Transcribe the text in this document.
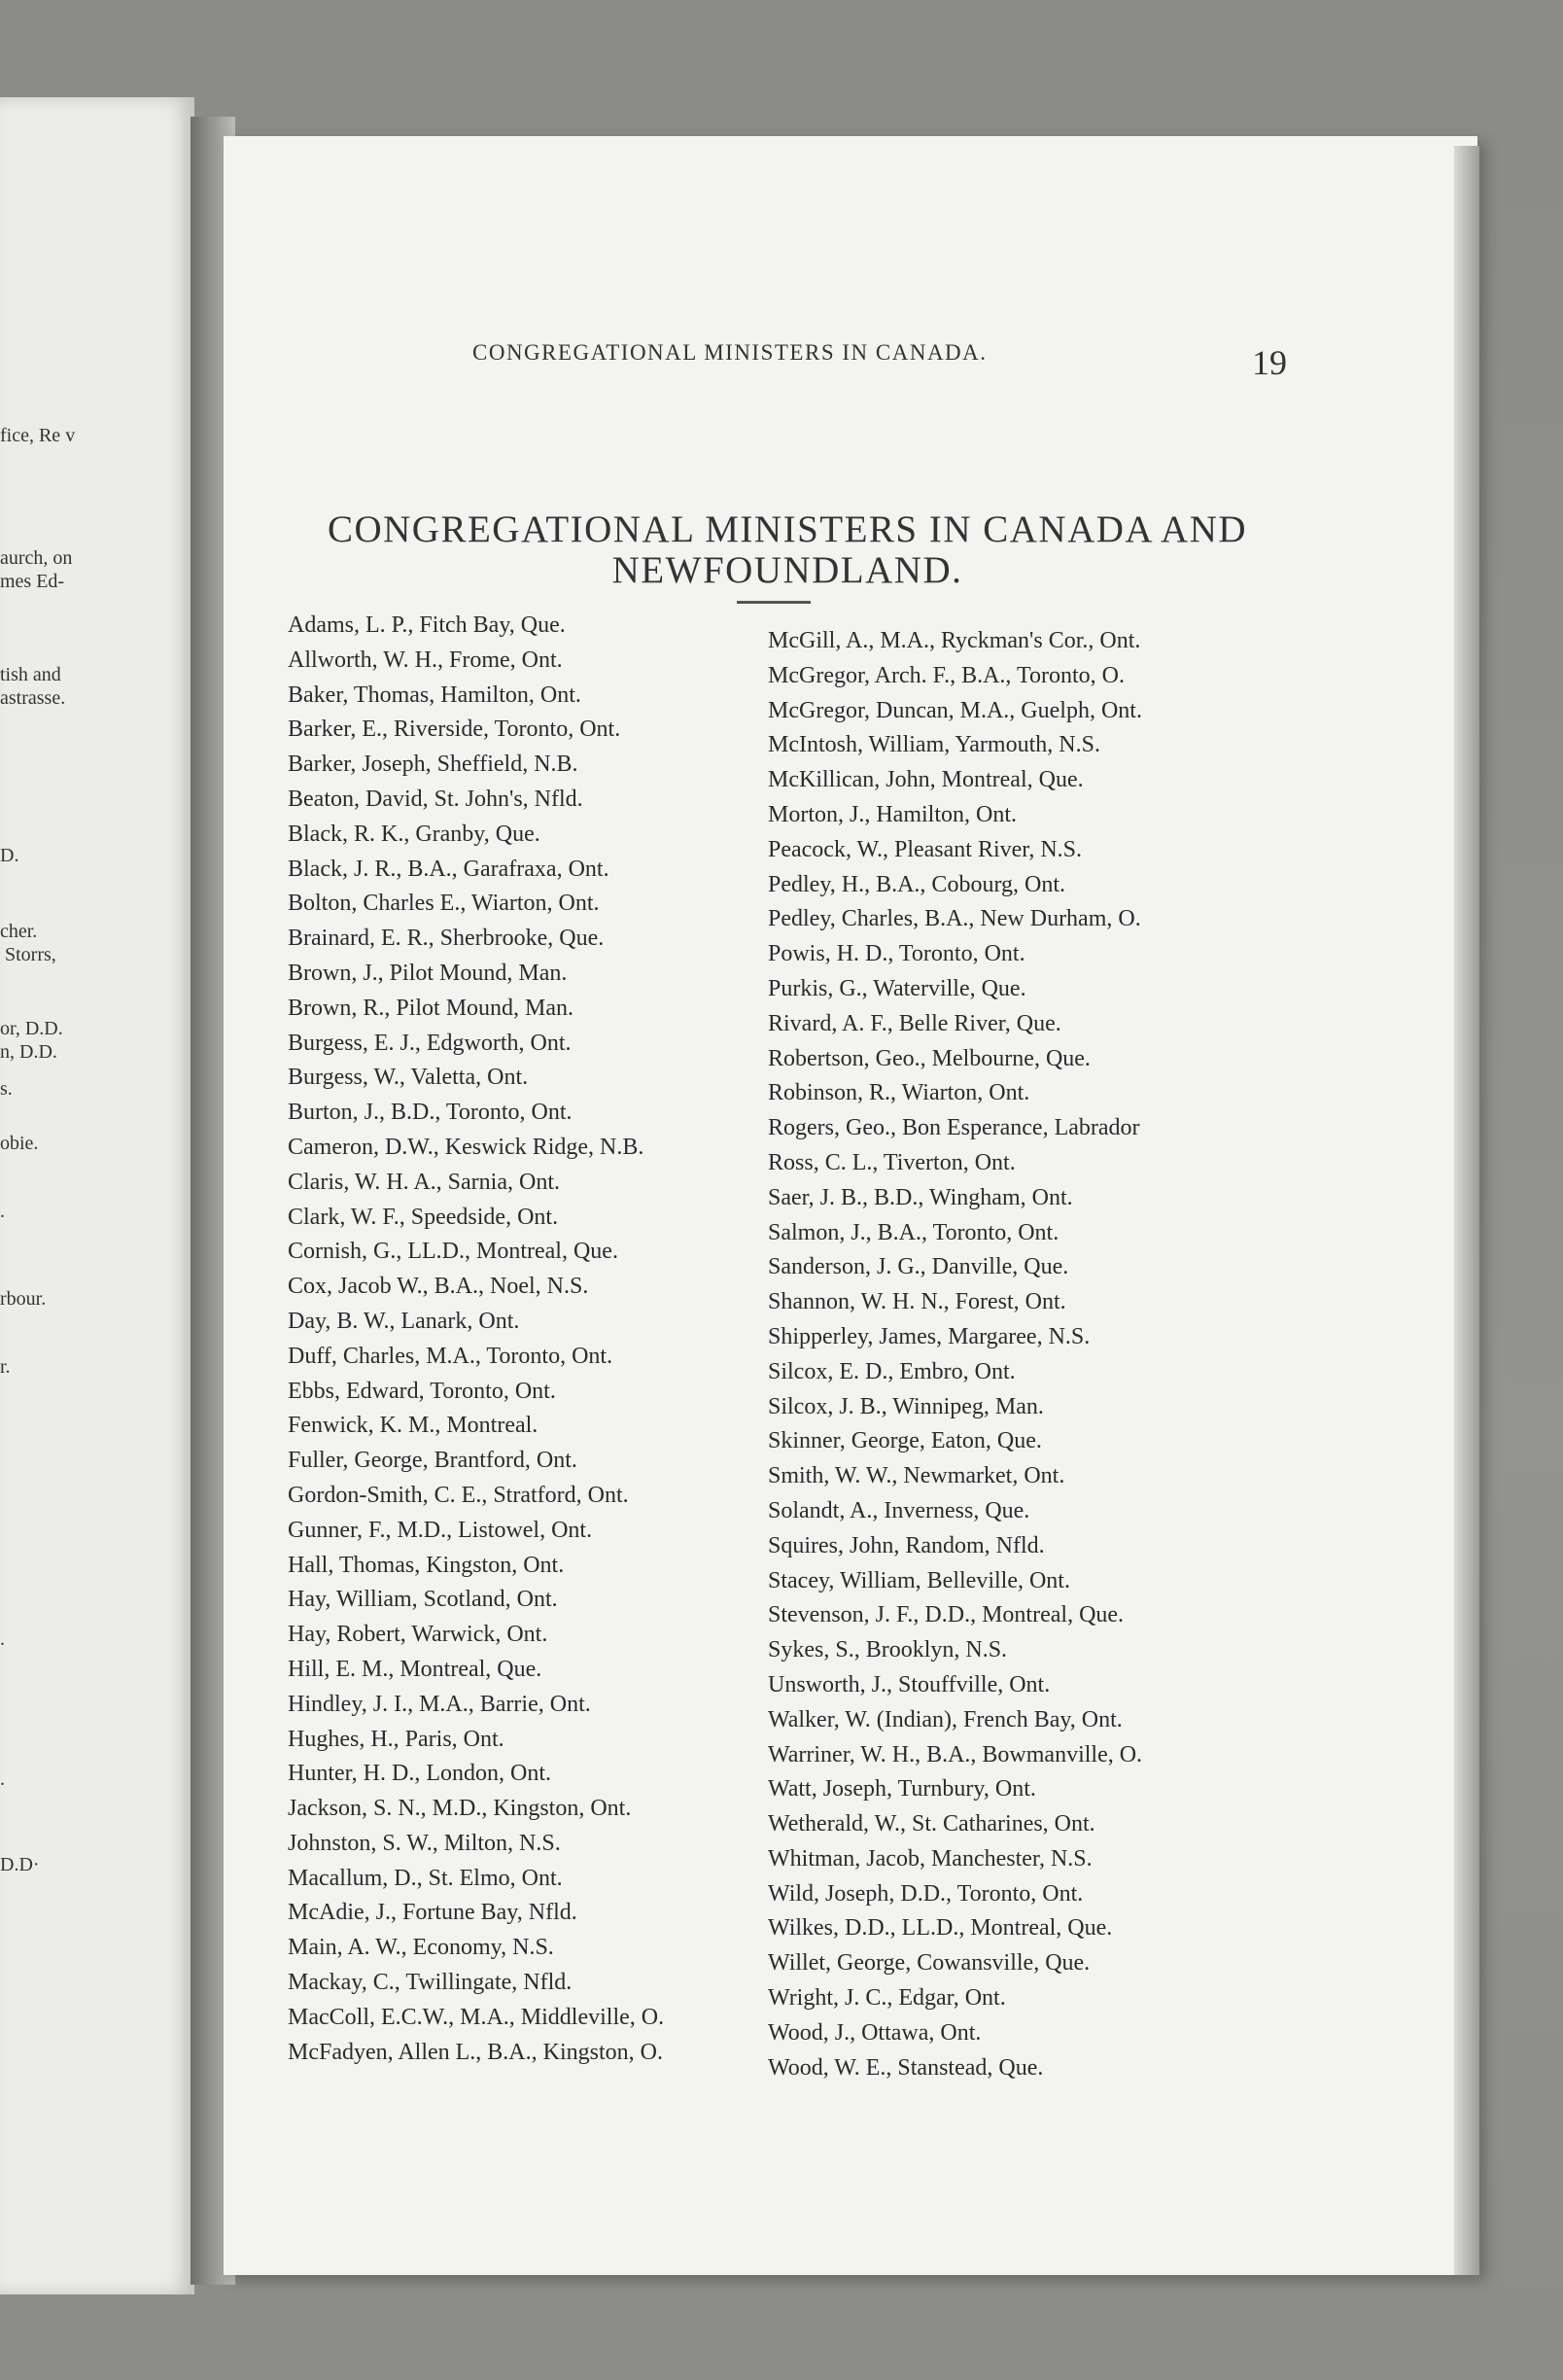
fice, Re v
aurch, on
mes Ed-
tish and
astrasse.
D.
cher.
Storrs,
or, D.D.
n, D.D.
s.
obie.
.
rbour.
r.
.
.
D.D·
CONGREGATIONAL MINISTERS IN CANADA.	19
CONGREGATIONAL MINISTERS IN CANADA AND
NEWFOUNDLAND.
Adams, L. P., Fitch Bay, Que.
Allworth, W. H., Frome, Ont.
Baker, Thomas, Hamilton, Ont.
Barker, E., Riverside, Toronto, Ont.
Barker, Joseph, Sheffield, N.B.
Beaton, David, St. John's, Nfld.
Black, R. K., Granby, Que.
Black, J. R., B.A., Garafraxa, Ont.
Bolton, Charles E., Wiarton, Ont.
Brainard, E. R., Sherbrooke, Que.
Brown, J., Pilot Mound, Man.
Brown, R., Pilot Mound, Man.
Burgess, E. J., Edgworth, Ont.
Burgess, W., Valetta, Ont.
Burton, J., B.D., Toronto, Ont.
Cameron, D.W., Keswick Ridge, N.B.
Claris, W. H. A., Sarnia, Ont.
Clark, W. F., Speedside, Ont.
Cornish, G., LL.D., Montreal, Que.
Cox, Jacob W., B.A., Noel, N.S.
Day, B. W., Lanark, Ont.
Duff, Charles, M.A., Toronto, Ont.
Ebbs, Edward, Toronto, Ont.
Fenwick, K. M., Montreal.
Fuller, George, Brantford, Ont.
Gordon-Smith, C. E., Stratford, Ont.
Gunner, F., M.D., Listowel, Ont.
Hall, Thomas, Kingston, Ont.
Hay, William, Scotland, Ont.
Hay, Robert, Warwick, Ont.
Hill, E. M., Montreal, Que.
Hindley, J. I., M.A., Barrie, Ont.
Hughes, H., Paris, Ont.
Hunter, H. D., London, Ont.
Jackson, S. N., M.D., Kingston, Ont.
Johnston, S. W., Milton, N.S.
Macallum, D., St. Elmo, Ont.
McAdie, J., Fortune Bay, Nfld.
Main, A. W., Economy, N.S.
Mackay, C., Twillingate, Nfld.
MacColl, E.C.W., M.A., Middleville, O.
McFadyen, Allen L., B.A., Kingston, O.
McGill, A., M.A., Ryckman's Cor., Ont.
McGregor, Arch. F., B.A., Toronto, O.
McGregor, Duncan, M.A., Guelph, Ont.
McIntosh, William, Yarmouth, N.S.
McKillican, John, Montreal, Que.
Morton, J., Hamilton, Ont.
Peacock, W., Pleasant River, N.S.
Pedley, H., B.A., Cobourg, Ont.
Pedley, Charles, B.A., New Durham, O.
Powis, H. D., Toronto, Ont.
Purkis, G., Waterville, Que.
Rivard, A. F., Belle River, Que.
Robertson, Geo., Melbourne, Que.
Robinson, R., Wiarton, Ont.
Rogers, Geo., Bon Esperance, Labrador
Ross, C. L., Tiverton, Ont.
Saer, J. B., B.D., Wingham, Ont.
Salmon, J., B.A., Toronto, Ont.
Sanderson, J. G., Danville, Que.
Shannon, W. H. N., Forest, Ont.
Shipperley, James, Margaree, N.S.
Silcox, E. D., Embro, Ont.
Silcox, J. B., Winnipeg, Man.
Skinner, George, Eaton, Que.
Smith, W. W., Newmarket, Ont.
Solandt, A., Inverness, Que.
Squires, John, Random, Nfld.
Stacey, William, Belleville, Ont.
Stevenson, J. F., D.D., Montreal, Que.
Sykes, S., Brooklyn, N.S.
Unsworth, J., Stouffville, Ont.
Walker, W. (Indian), French Bay, Ont.
Warriner, W. H., B.A., Bowmanville, O.
Watt, Joseph, Turnbury, Ont.
Wetherald, W., St. Catharines, Ont.
Whitman, Jacob, Manchester, N.S.
Wild, Joseph, D.D., Toronto, Ont.
Wilkes, D.D., LL.D., Montreal, Que.
Willet, George, Cowansville, Que.
Wright, J. C., Edgar, Ont.
Wood, J., Ottawa, Ont.
Wood, W. E., Stanstead, Que.
